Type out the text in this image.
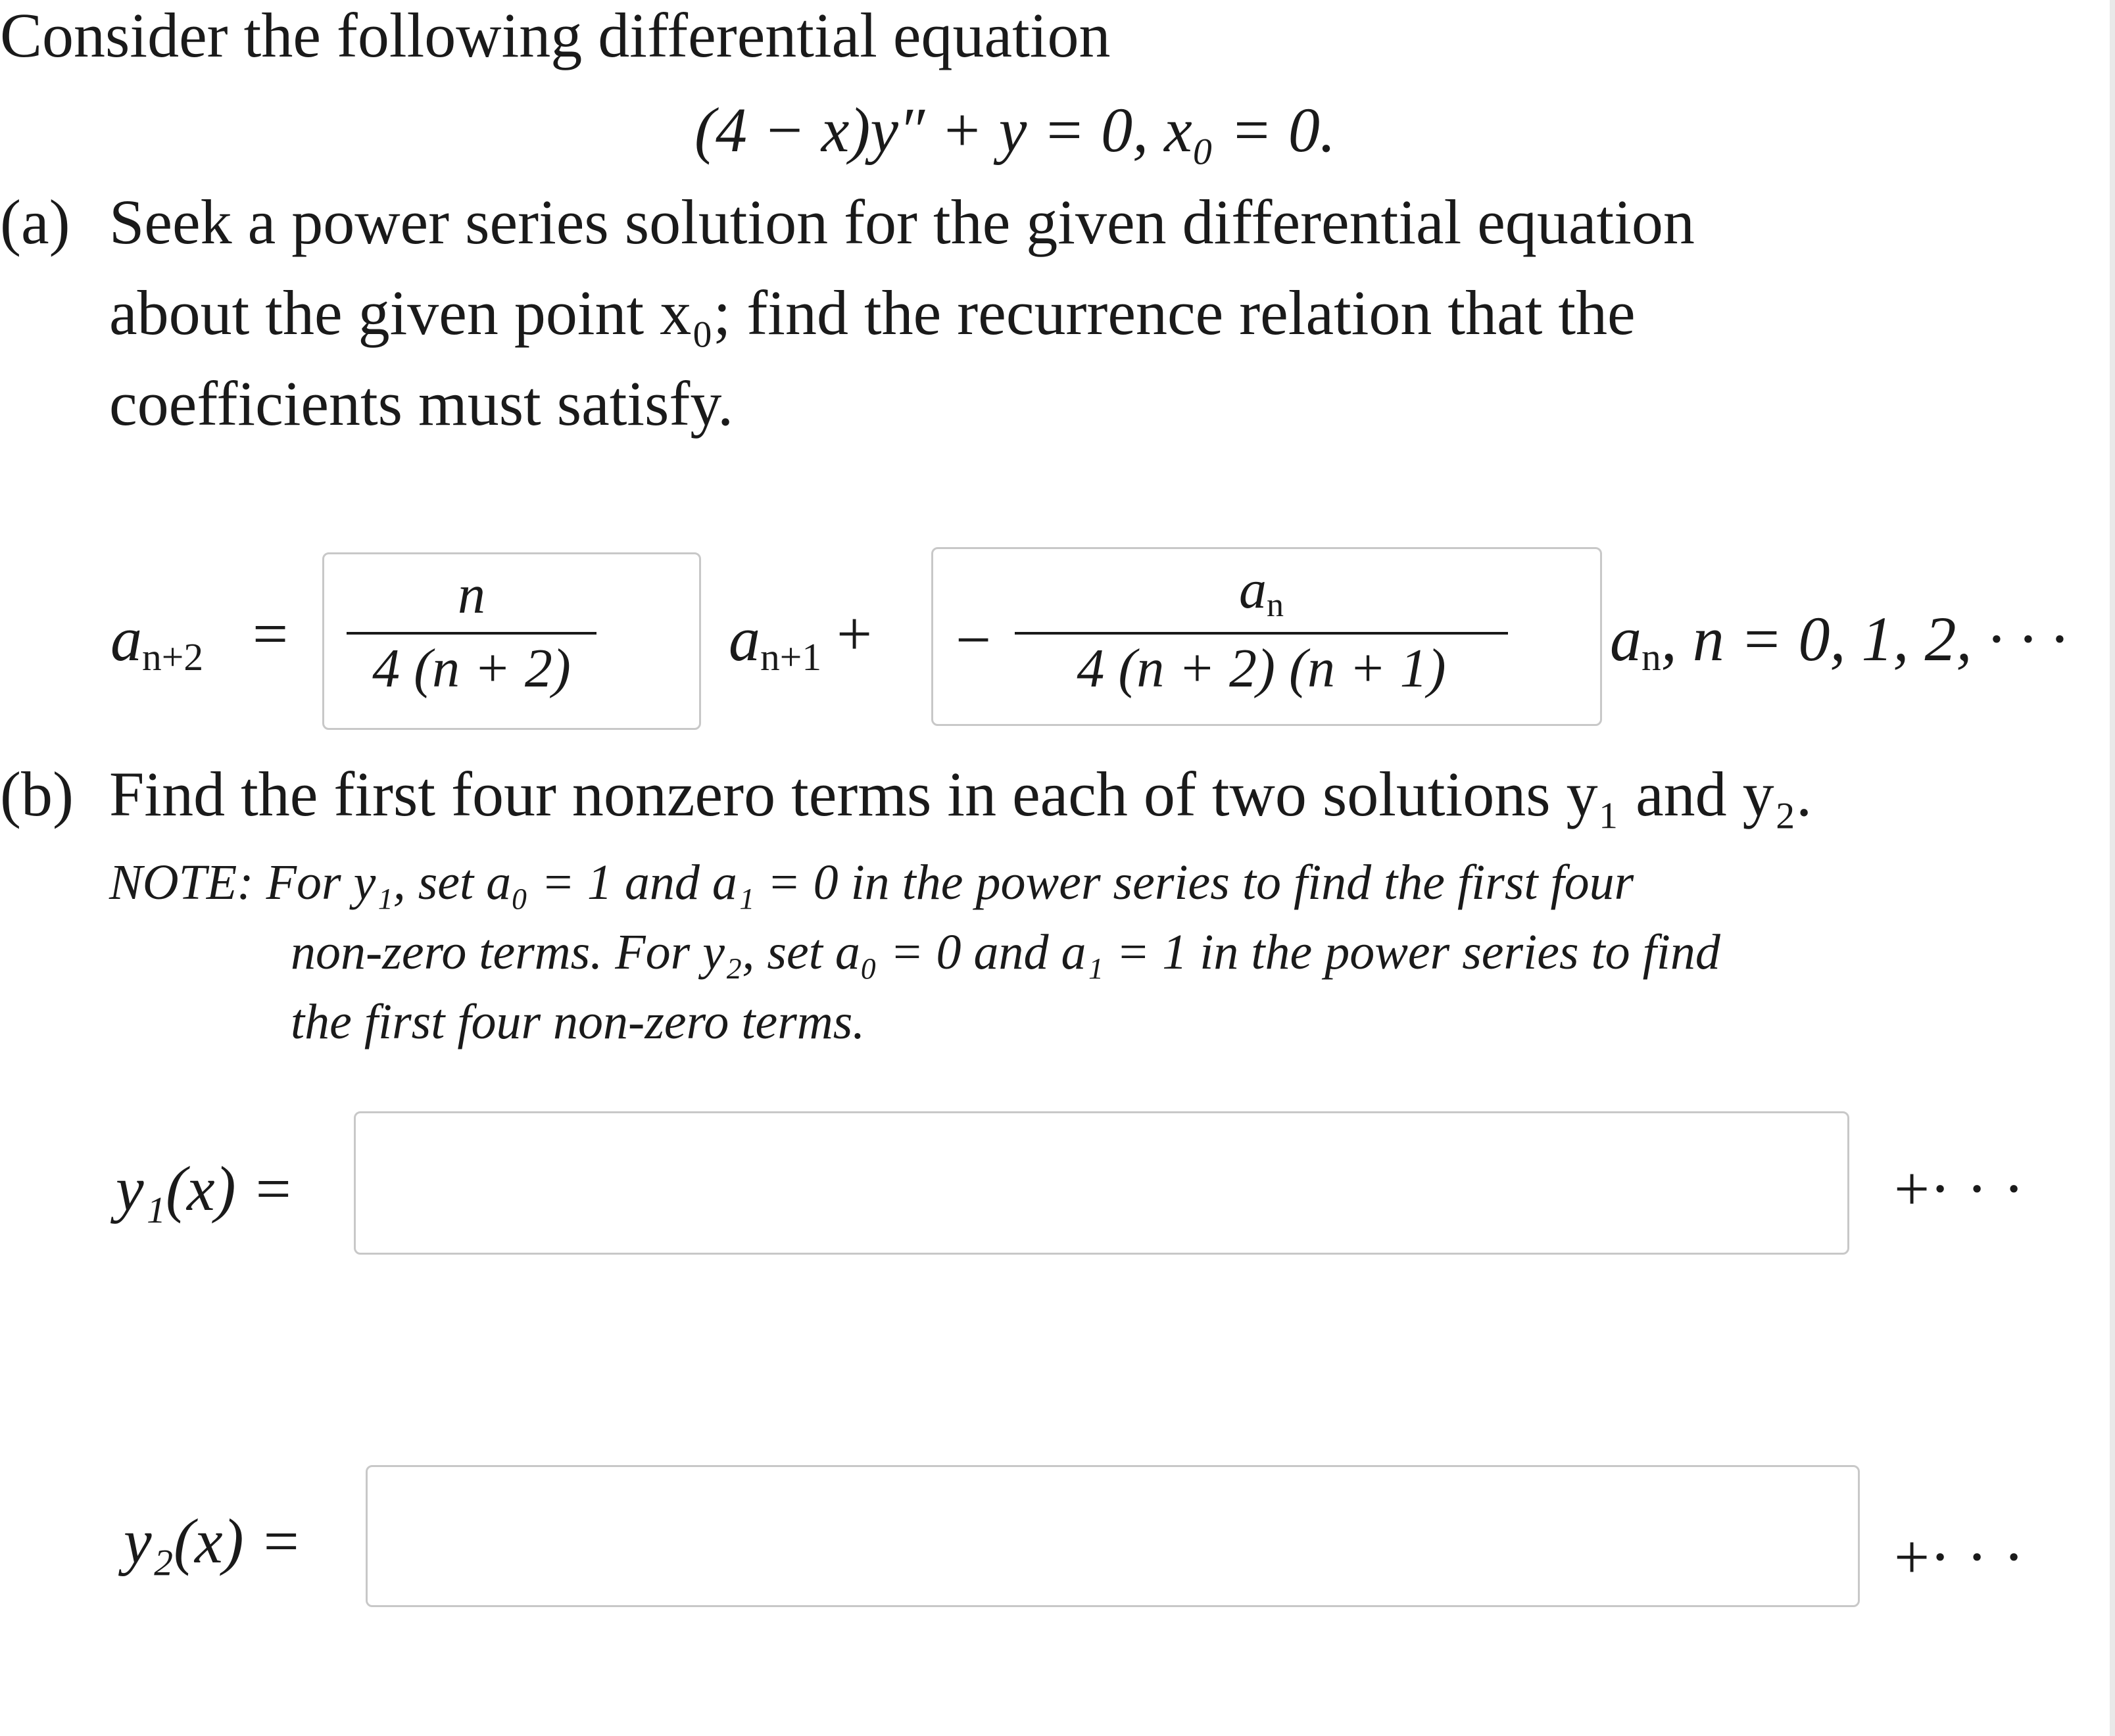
Consider the following differential equation
(4 − x)y″ + y = 0, x₀ = 0.
(a) Seek a power series solution for the given differential equation
about the given point x₀; find the recurrence relation that the
coefficients must satisfy.
$a_{n+2}$ =
n
4 (n + 2)	$a_{n+1}$ + −
$a_n$
4 (n + 2) (n + 1)	$a_n$, n = 0, 1, 2, · · ·
(b) Find the first four nonzero terms in each of two solutions y₁ and y₂.
NOTE: For y₁, set a₀ = 1 and a₁ = 0 in the power series to find the first four
non-zero terms. For y₂, set a₀ = 0 and a₁ = 1 in the power series to find
the first four non-zero terms.
y₁(x) =	+· · ·
y₂(x) =	+· · ·
